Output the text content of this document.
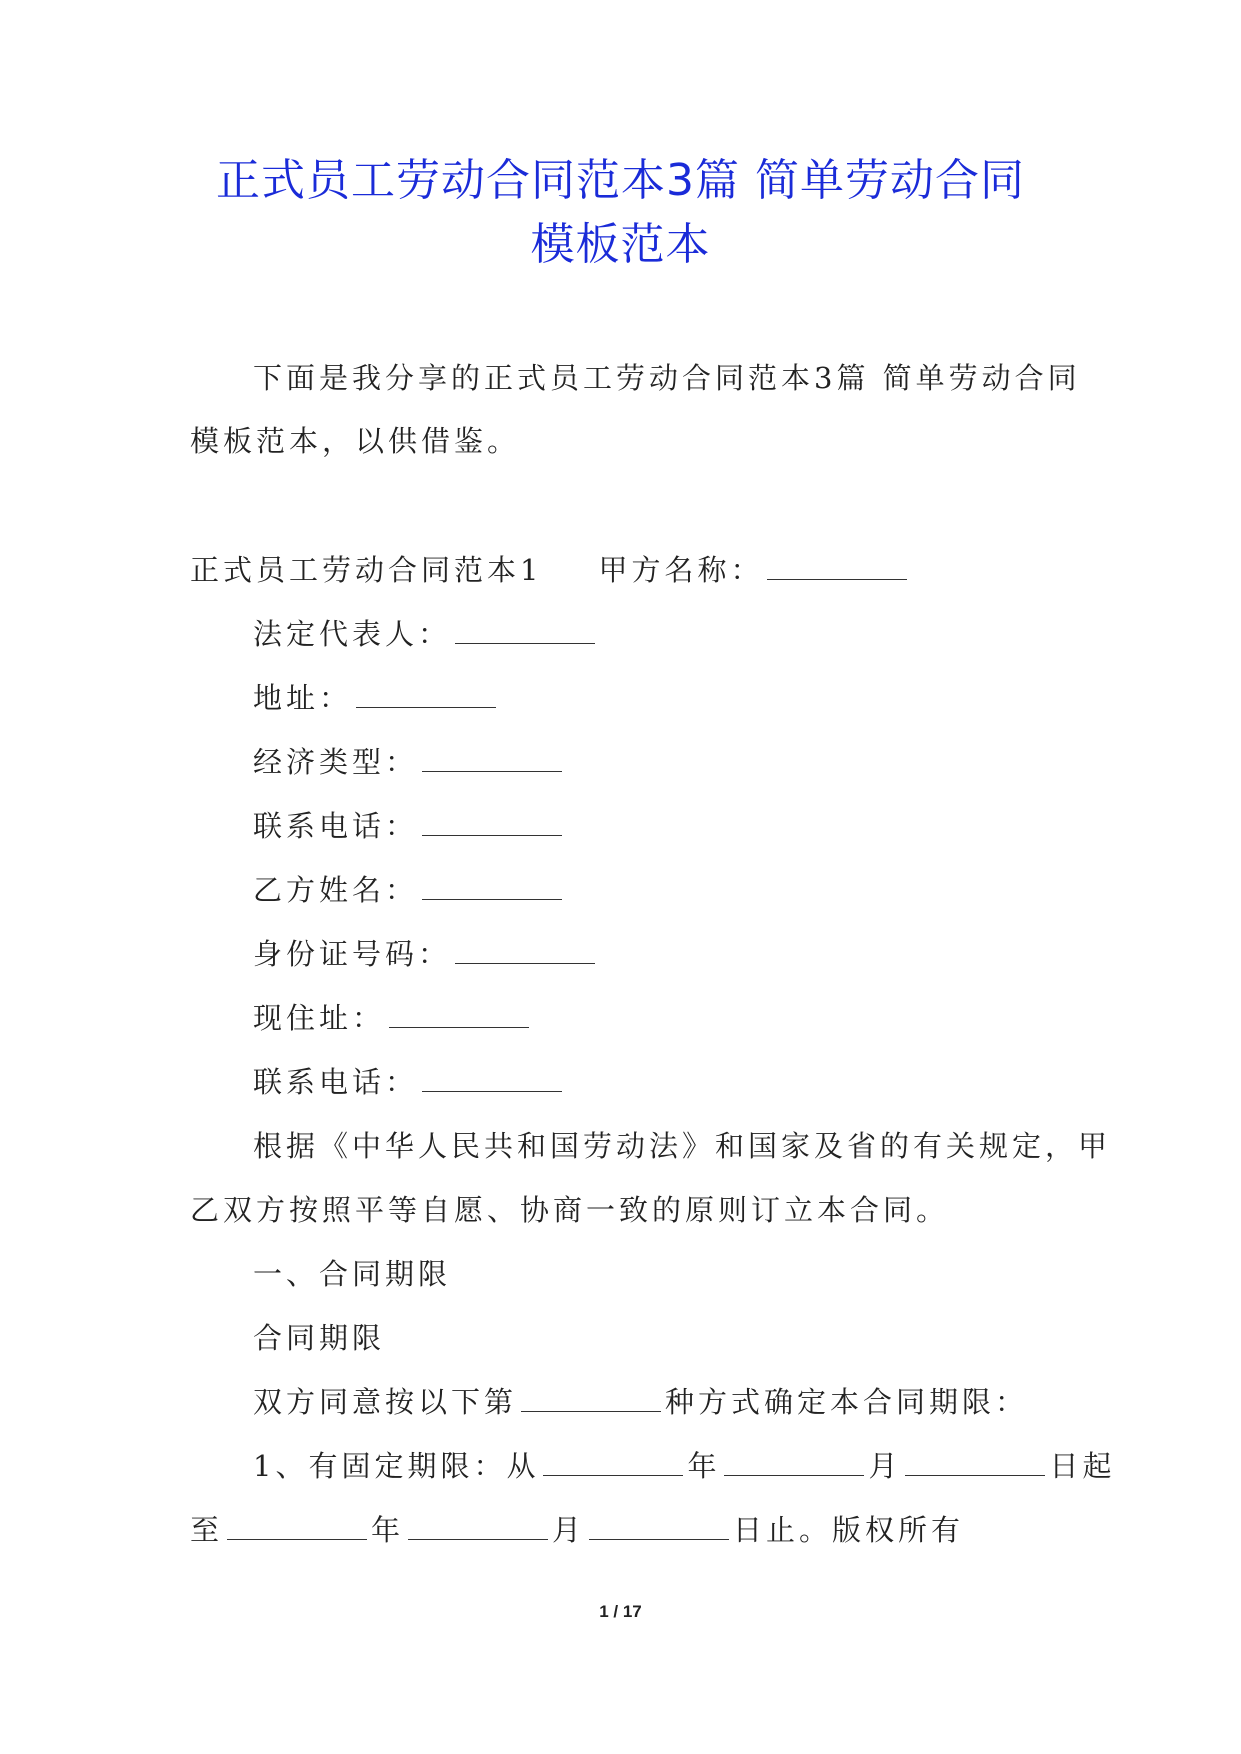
正式员工劳动合同范本3篇 简单劳动合同
模板范本
下面是我分享的正式员工劳动合同范本3篇 简单劳动合同
模板范本，以供借鉴。
正式员工劳动合同范本1 甲方名称：
法定代表人：
地址：
经济类型：
联系电话：
乙方姓名：
身份证号码：
现住址：
联系电话：
根据《中华人民共和国劳动法》和国家及省的有关规定，甲
乙双方按照平等自愿、协商一致的原则订立本合同。
一、合同期限
合同期限
双方同意按以下第	种方式确定本合同期限：
1、有固定期限：从	年	月	日起
至	年	月	日止。版权所有
1 / 17
